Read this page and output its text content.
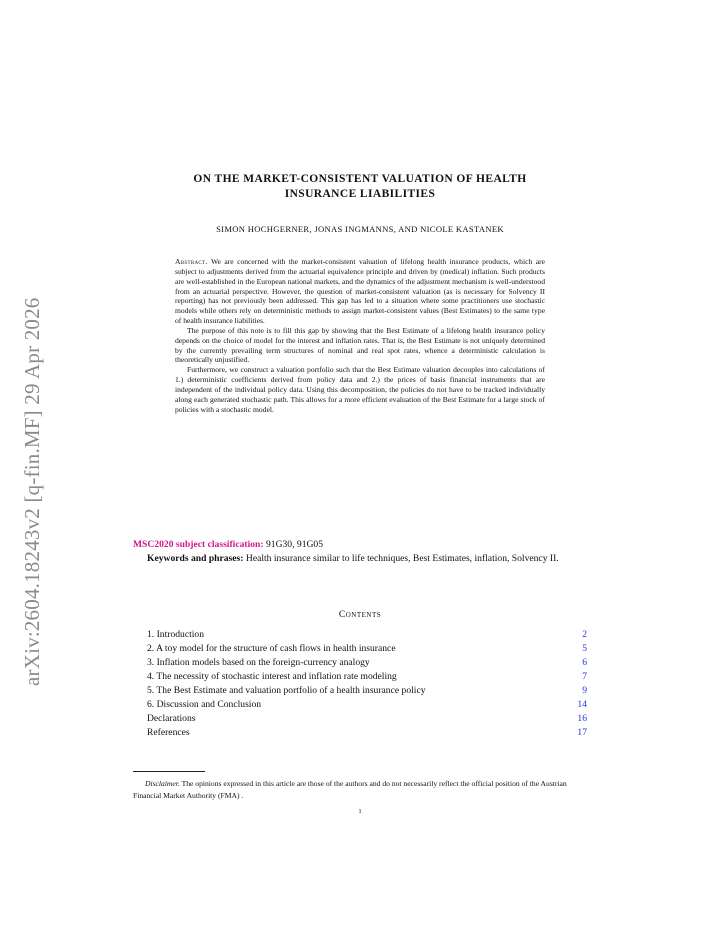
arXiv:2604.18243v2 [q-fin.MF] 29 Apr 2026
ON THE MARKET-CONSISTENT VALUATION OF HEALTH
INSURANCE LIABILITIES
SIMON HOCHGERNER, JONAS INGMANNS, AND NICOLE KASTANEK

Abstract. We are concerned with the market-consistent valuation of lifelong health insurance products, which are subject to adjustments derived from the actuarial equivalence principle and driven by (medical) inflation. Such products are well-established in the European national markets, and the dynamics of the adjustment mechanism is well-understood from an actuarial perspective. However, the question of market-consistent valuation (as is necessary for Solvency II reporting) has not previously been addressed. This gap has led to a situation where some practitioners use stochastic models while others rely on deterministic methods to assign market-consistent values (Best Estimates) to the same type of health insurance liabilities.

The purpose of this note is to fill this gap by showing that the Best Estimate of a lifelong health insurance policy depends on the choice of model for the interest and inflation rates. That is, the Best Estimate is not uniquely determined by the currently prevailing term structures of nominal and real spot rates, whence a deterministic calculation is theoretically unjustified.

Furthermore, we construct a valuation portfolio such that the Best Estimate valuation decouples into calculations of 1.) deterministic coefficients derived from policy data and 2.) the prices of basis financial instruments that are independent of the individual policy data. Using this decomposition, the policies do not have to be tracked individually along each generated stochastic path. This allows for a more efficient evaluation of the Best Estimate for a large stock of policies with a stochastic model.

MSC2020 subject classification: 91G30, 91G05
Keywords and phrases: Health insurance similar to life techniques, Best Estimates, inflation, Solvency II.
Contents
1. Introduction	2
2. A toy model for the structure of cash flows in health insurance	5
3. Inflation models based on the foreign-currency analogy	6
4. The necessity of stochastic interest and inflation rate modeling	7
5. The Best Estimate and valuation portfolio of a health insurance policy	9
6. Discussion and Conclusion	14
Declarations	16
References	17
Disclaimer. The opinions expressed in this article are those of the authors and do not necessarily reflect the official position of the Austrian Financial Market Authority (FMA) .
1
